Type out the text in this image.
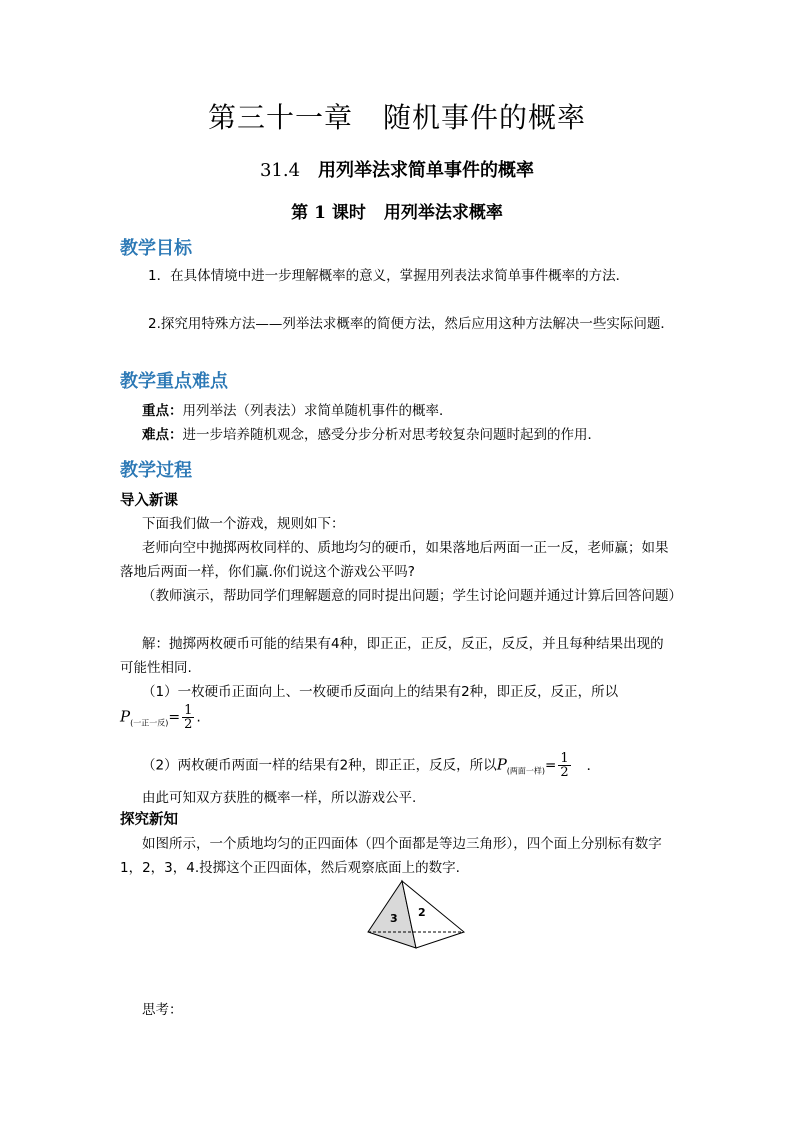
第三十一章 随机事件的概率
31.4 用列举法求简单事件的概率
第 1 课时 用列举法求概率
教学目标
1．在具体情境中进一步理解概率的意义，掌握用列表法求简单事件概率的方法．
2.探究用特殊方法——列举法求概率的简便方法，然后应用这种方法解决一些实际问题．
教学重点难点
重点：用列举法（列表法）求简单随机事件的概率．
难点：进一步培养随机观念，感受分步分析对思考较复杂问题时起到的作用．
教学过程
导入新课
下面我们做一个游戏，规则如下：
老师向空中抛掷两枚同样的、质地均匀的硬币，如果落地后两面一正一反，老师赢；如果落地后两面一样，你们赢.你们说这个游戏公平吗?
（教师演示，帮助同学们理解题意的同时提出问题；学生讨论问题并通过计算后回答问题）
解：抛掷两枚硬币可能的结果有4种，即正正，正反，反正，反反，并且每种结果出现的可能性相同.
（1）一枚硬币正面向上、一枚硬币反面向上的结果有2种，即正反，反正，所以
$P_{(一正一反)}= \frac{1}{2}$ .
（2）两枚硬币两面一样的结果有2种，即正正，反反，所以$P_{(两面一样)}= \frac{1}{2}$ ．
由此可知双方获胜的概率一样，所以游戏公平.
探究新知
如图所示，一个质地均匀的正四面体（四个面都是等边三角形），四个面上分别标有数字1，2，3，4.投掷这个正四面体，然后观察底面上的数字.
3 2
思考：
